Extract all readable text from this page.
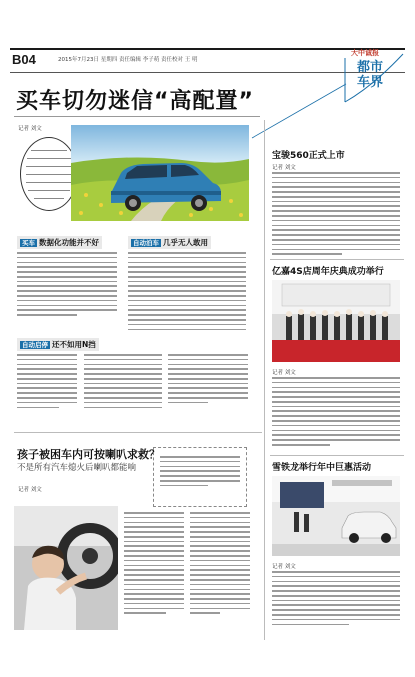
B04	2015年7月23日 星期四 责任编辑 李子萌 责任校对 王 明
大中诚报
都市
车界
买车切勿迷信“高配置”
记者 刘文
买车 数据化功能并不好	自动泊车 几乎无人敢用
自动启停 还不如用N挡
孩子被困车内可按喇叭求救？
不是所有汽车熄火后喇叭都能响
记者 刘文
宝骏560正式上市
记者 刘文
亿嘉4S店周年庆典成功举行
记者 刘文
雪铁龙举行年中巨惠活动
记者 刘文
